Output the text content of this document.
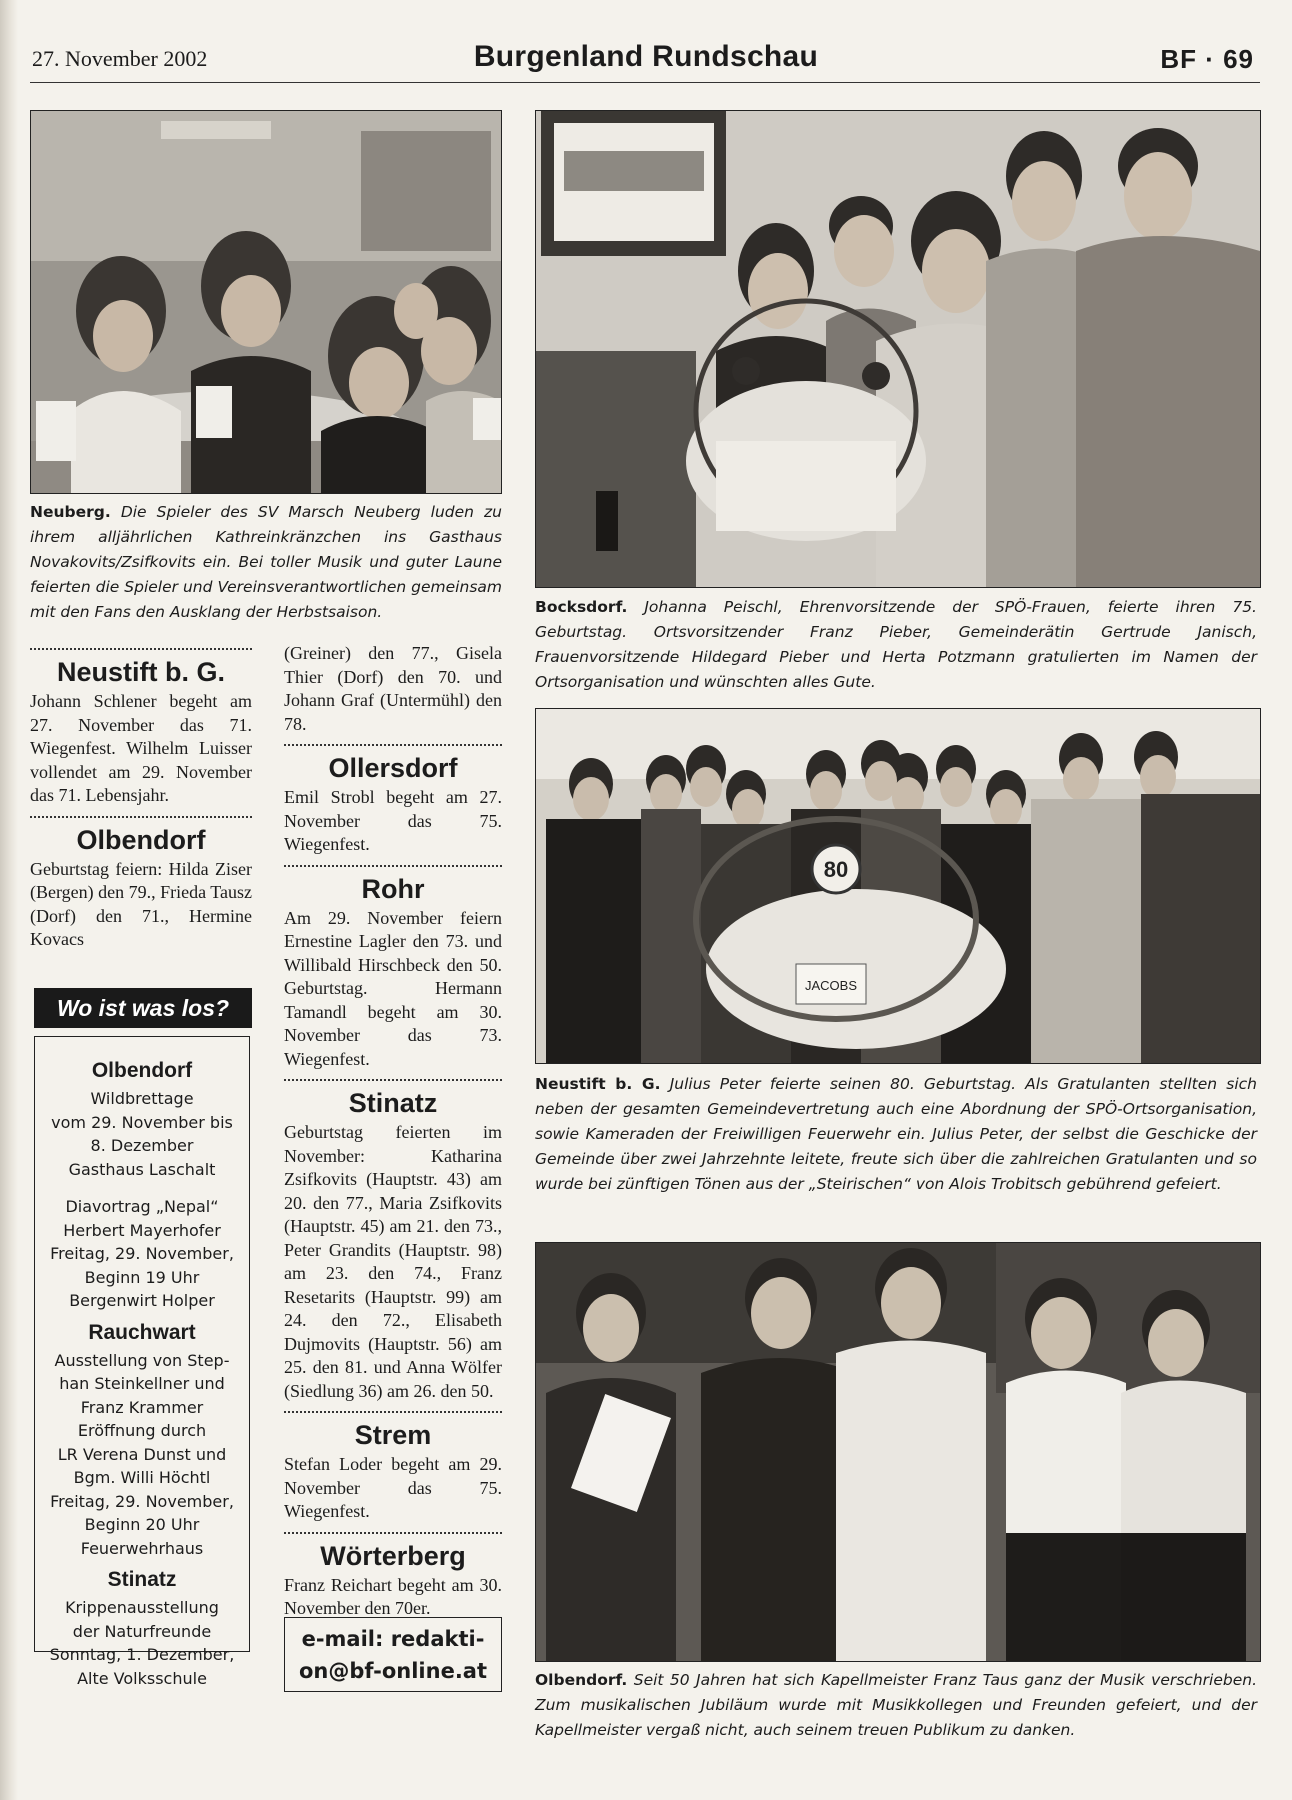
27. November 2002	Burgenland Rundschau	BF · 69
Neuberg. Die Spieler des SV Marsch Neuberg luden zu ihrem alljährlichen Kathreinkränzchen ins Gasthaus Novakovits/Zsifkovits ein. Bei toller Musik und guter Laune feierten die Spieler und Vereinsverantwortlichen gemeinsam mit den Fans den Ausklang der Herbstsaison.	Bocksdorf. Johanna Peischl, Ehrenvorsitzende der SPÖ-Frauen, feierte ihren 75. Geburtstag. Ortsvorsitzender Franz Pieber, Gemeinderätin Gertrude Janisch, Frauenvorsitzende Hildegard Pieber und Herta Potzmann gratulierten im Namen der Ortsorganisation und wünschten alles Gute.
80
JACOBS
Neustift b. G. Julius Peter feierte seinen 80. Geburtstag. Als Gratulanten stellten sich neben der gesamten Gemeindevertretung auch eine Abordnung der SPÖ-Ortsorganisation, sowie Kameraden der Freiwilligen Feuerwehr ein. Julius Peter, der selbst die Geschicke der Gemeinde über zwei Jahrzehnte leitete, freute sich über die zahlreichen Gratulanten und so wurde bei zünftigen Tönen aus der „Steirischen“ von Alois Trobitsch gebührend gefeiert.
Olbendorf. Seit 50 Jahren hat sich Kapellmeister Franz Taus ganz der Musik verschrieben. Zum musikalischen Jubiläum wurde mit Musikkollegen und Freunden gefeiert, und der Kapellmeister vergaß nicht, auch seinem treuen Publikum zu danken.
Neustift b. G.
Johann Schlener begeht am 27. November das 71. Wiegenfest. Wilhelm Luisser vollendet am 29. November das 71. Lebensjahr.
Olbendorf
Geburtstag feiern: Hilda Ziser (Bergen) den 79., Frieda Tausz (Dorf) den 71., Hermine Kovacs
(Greiner) den 77., Gisela Thier (Dorf) den 70. und Johann Graf (Untermühl) den 78.
Ollersdorf
Emil Strobl begeht am 27. November das 75. Wiegenfest.
Rohr
Am 29. November feiern Ernestine Lagler den 73. und Willibald Hirschbeck den 50. Geburtstag. Hermann Tamandl begeht am 30. November das 73. Wiegenfest.
Stinatz
Geburtstag feierten im November: Katharina Zsifkovits (Hauptstr. 43) am 20. den 77., Maria Zsifkovits (Hauptstr. 45) am 21. den 73., Peter Grandits (Hauptstr. 98) am 23. den 74., Franz Resetarits (Hauptstr. 99) am 24. den 72., Elisabeth Dujmovits (Hauptstr. 56) am 25. den 81. und Anna Wölfer (Siedlung 36) am 26. den 50.
Strem
Stefan Loder begeht am 29. November das 75. Wiegenfest.
Wörterberg
Franz Reichart begeht am 30. November den 70er.
Wo ist was los?
Olbendorf
Wildbrettage
vom 29. November bis
8. Dezember
Gasthaus Laschalt
Diavortrag „Nepal“
Herbert Mayerhofer
Freitag, 29. November,
Beginn 19 Uhr
Bergenwirt Holper
Rauchwart
Ausstellung von Step-
han Steinkellner und
Franz Krammer
Eröffnung durch
LR Verena Dunst und
Bgm. Willi Höchtl
Freitag, 29. November,
Beginn 20 Uhr
Feuerwehrhaus
Stinatz
Krippenausstellung
der Naturfreunde
Sonntag, 1. Dezember,
Alte Volksschule
e-mail: redakti-
on@bf-online.at
